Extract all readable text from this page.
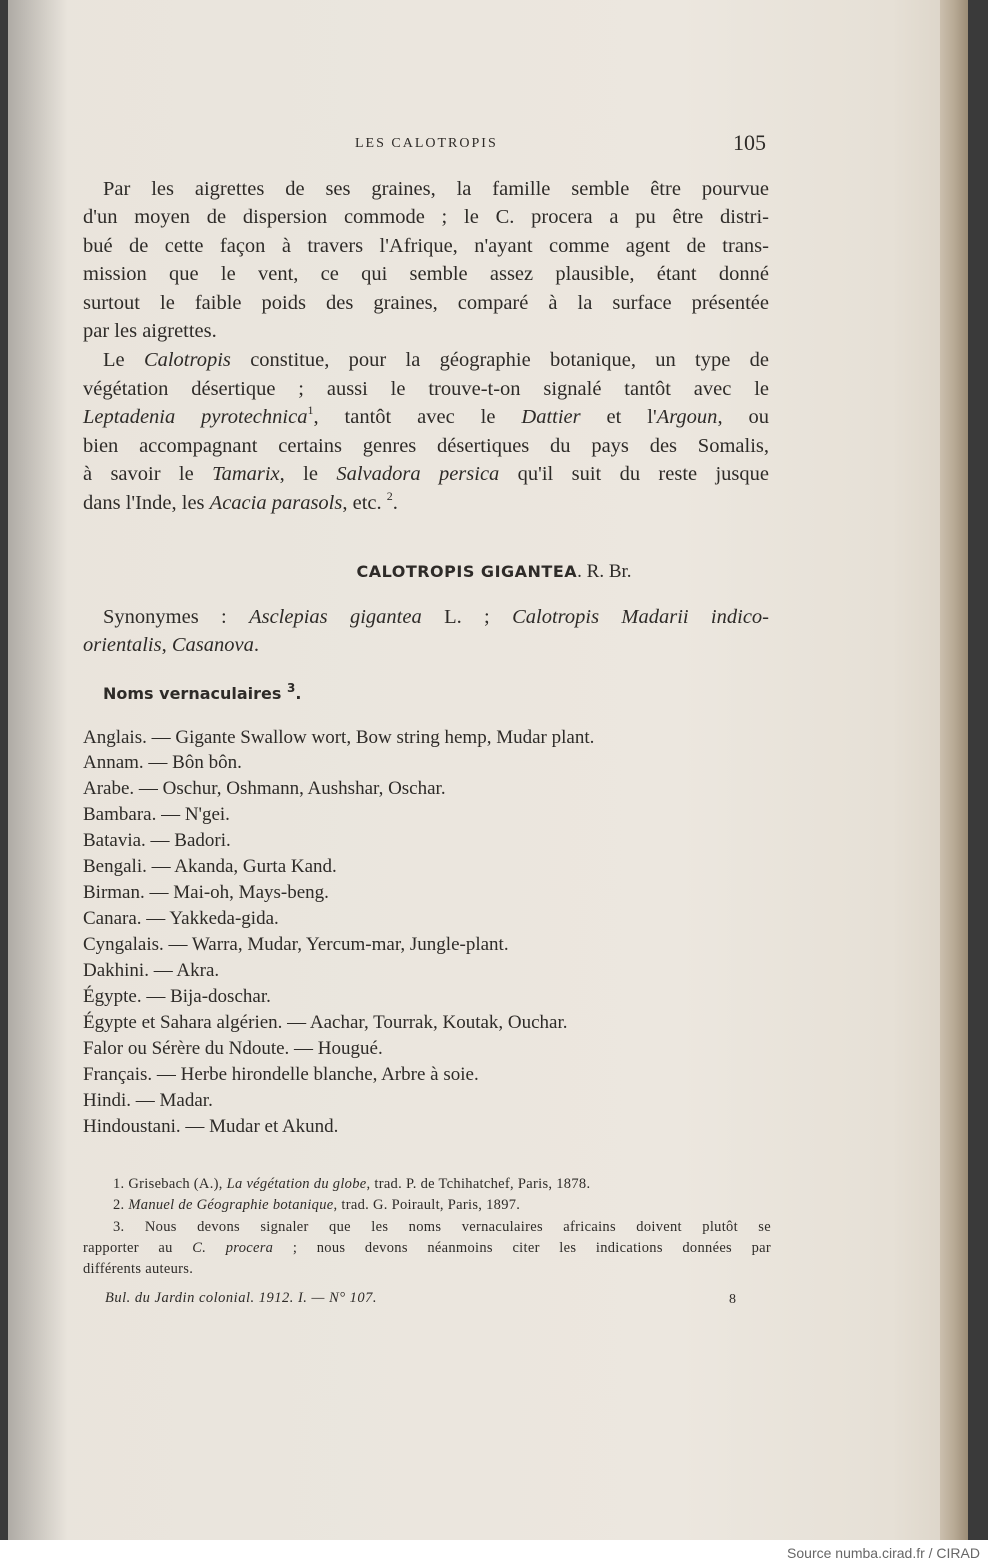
LES CALOTROPIS	105
Par les aigrettes de ses graines, la famille semble être pourvue
d'un moyen de dispersion commode ; le C. procera a pu être distri-
bué de cette façon à travers l'Afrique, n'ayant comme agent de trans-
mission que le vent, ce qui semble assez plausible, étant donné
surtout le faible poids des graines, comparé à la surface présentée
par les aigrettes.
Le Calotropis constitue, pour la géographie botanique, un type de
végétation désertique ; aussi le trouve-t-on signalé tantôt avec le
Leptadenia pyrotechnica$^1$, tantôt avec le Dattier et l'Argoun, ou
bien accompagnant certains genres désertiques du pays des Somalis,
à savoir le Tamarix, le Salvadora persica qu'il suit du reste jusque
dans l'Inde, les Acacia parasols, etc. $^2$.
CALOTROPIS GIGANTEA. R. Br.
Synonymes : Asclepias gigantea L. ; Calotropis Madarii indico-
orientalis, Casanova.
Noms vernaculaires $^3$.
Anglais. — Gigante Swallow wort, Bow string hemp, Mudar plant.
Annam. — Bôn bôn.
Arabe. — Oschur, Oshmann, Aushshar, Oschar.
Bambara. — N'gei.
Batavia. — Badori.
Bengali. — Akanda, Gurta Kand.
Birman. — Mai-oh, Mays-beng.
Canara. — Yakkeda-gida.
Cyngalais. — Warra, Mudar, Yercum-mar, Jungle-plant.
Dakhini. — Akra.
Égypte. — Bija-doschar.
Égypte et Sahara algérien. — Aachar, Tourrak, Koutak, Ouchar.
Falor ou Sérère du Ndoute. — Hougué.
Français. — Herbe hirondelle blanche, Arbre à soie.
Hindi. — Madar.
Hindoustani. — Mudar et Akund.
1. Grisebach (A.), La végétation du globe, trad. P. de Tchihatchef, Paris, 1878.
2. Manuel de Géographie botanique, trad. G. Poirault, Paris, 1897.
3. Nous devons signaler que les noms vernaculaires africains doivent plutôt se
rapporter au C. procera ; nous devons néanmoins citer les indications données par
différents auteurs.
Bul. du Jardin colonial. 1912. I. — N° 107.	8
Source numba.cirad.fr / CIRAD
